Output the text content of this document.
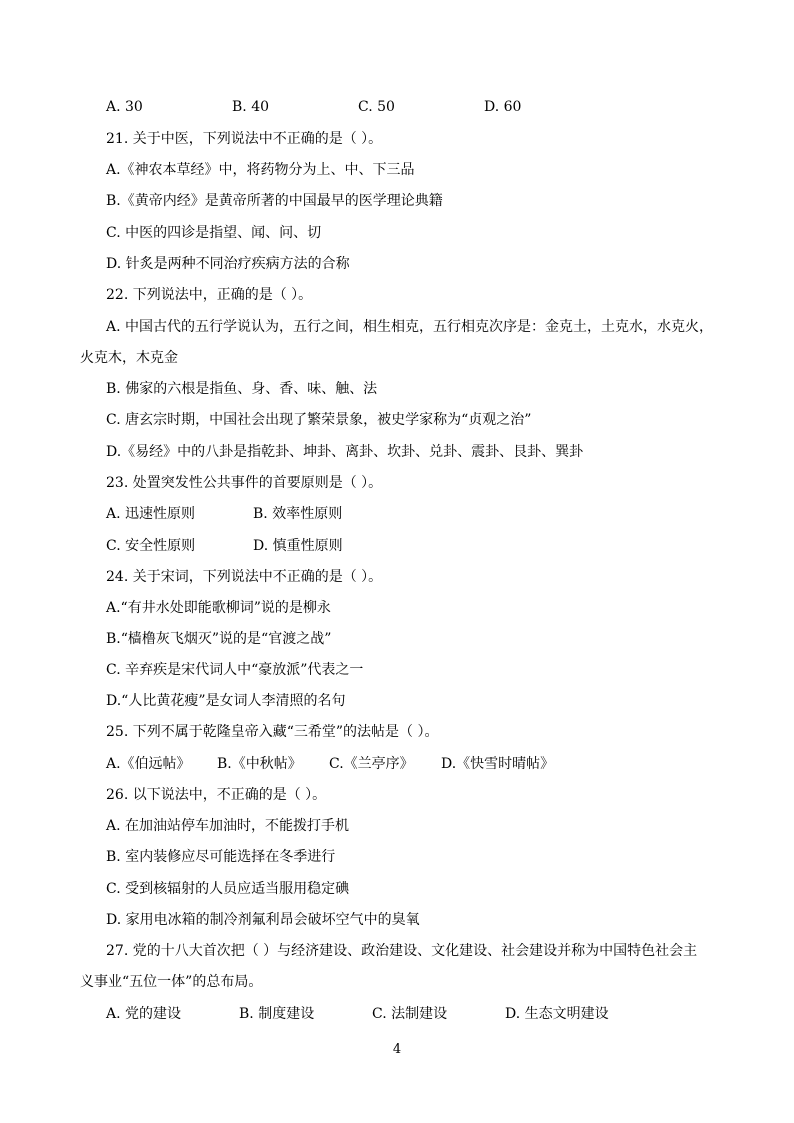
A. 30	B. 40	C. 50	D. 60
21. 关于中医，下列说法中不正确的是（ ）。
A.《神农本草经》中，将药物分为上、中、下三品
B.《黄帝内经》是黄帝所著的中国最早的医学理论典籍
C. 中医的四诊是指望、闻、问、切
D. 针炙是两种不同治疗疾病方法的合称
22. 下列说法中，正确的是（ ）。
A. 中国古代的五行学说认为，五行之间，相生相克，五行相克次序是：金克土，土克水，水克火，
火克木，木克金
B. 佛家的六根是指鱼、身、香、味、触、法
C. 唐玄宗时期，中国社会出现了繁荣景象，被史学家称为“贞观之治”
D.《易经》中的八卦是指乾卦、坤卦、离卦、坎卦、兑卦、震卦、艮卦、巽卦
23. 处置突发性公共事件的首要原则是（ ）。
A. 迅速性原则	B. 效率性原则
C. 安全性原则	D. 慎重性原则
24. 关于宋词，下列说法中不正确的是（ ）。
A.“有井水处即能歌柳词”说的是柳永
B.“樯橹灰飞烟灭”说的是“官渡之战”
C. 辛弃疾是宋代词人中“豪放派”代表之一
D.“人比黄花瘦”是女词人李清照的名句
25. 下列不属于乾隆皇帝入藏“三希堂”的法帖是（ ）。
A.《伯远帖》	B.《中秋帖》	C.《兰亭序》	D.《快雪时晴帖》
26. 以下说法中，不正确的是（ ）。
A. 在加油站停车加油时，不能拨打手机
B. 室内装修应尽可能选择在冬季进行
C. 受到核辐射的人员应适当服用稳定碘
D. 家用电冰箱的制冷剂氟利昂会破坏空气中的臭氧
27. 党的十八大首次把（ ）与经济建设、政治建设、文化建设、社会建设并称为中国特色社会主
义事业“五位一体”的总布局。
A. 党的建设	B. 制度建设	C. 法制建设	D. 生态文明建设
4
